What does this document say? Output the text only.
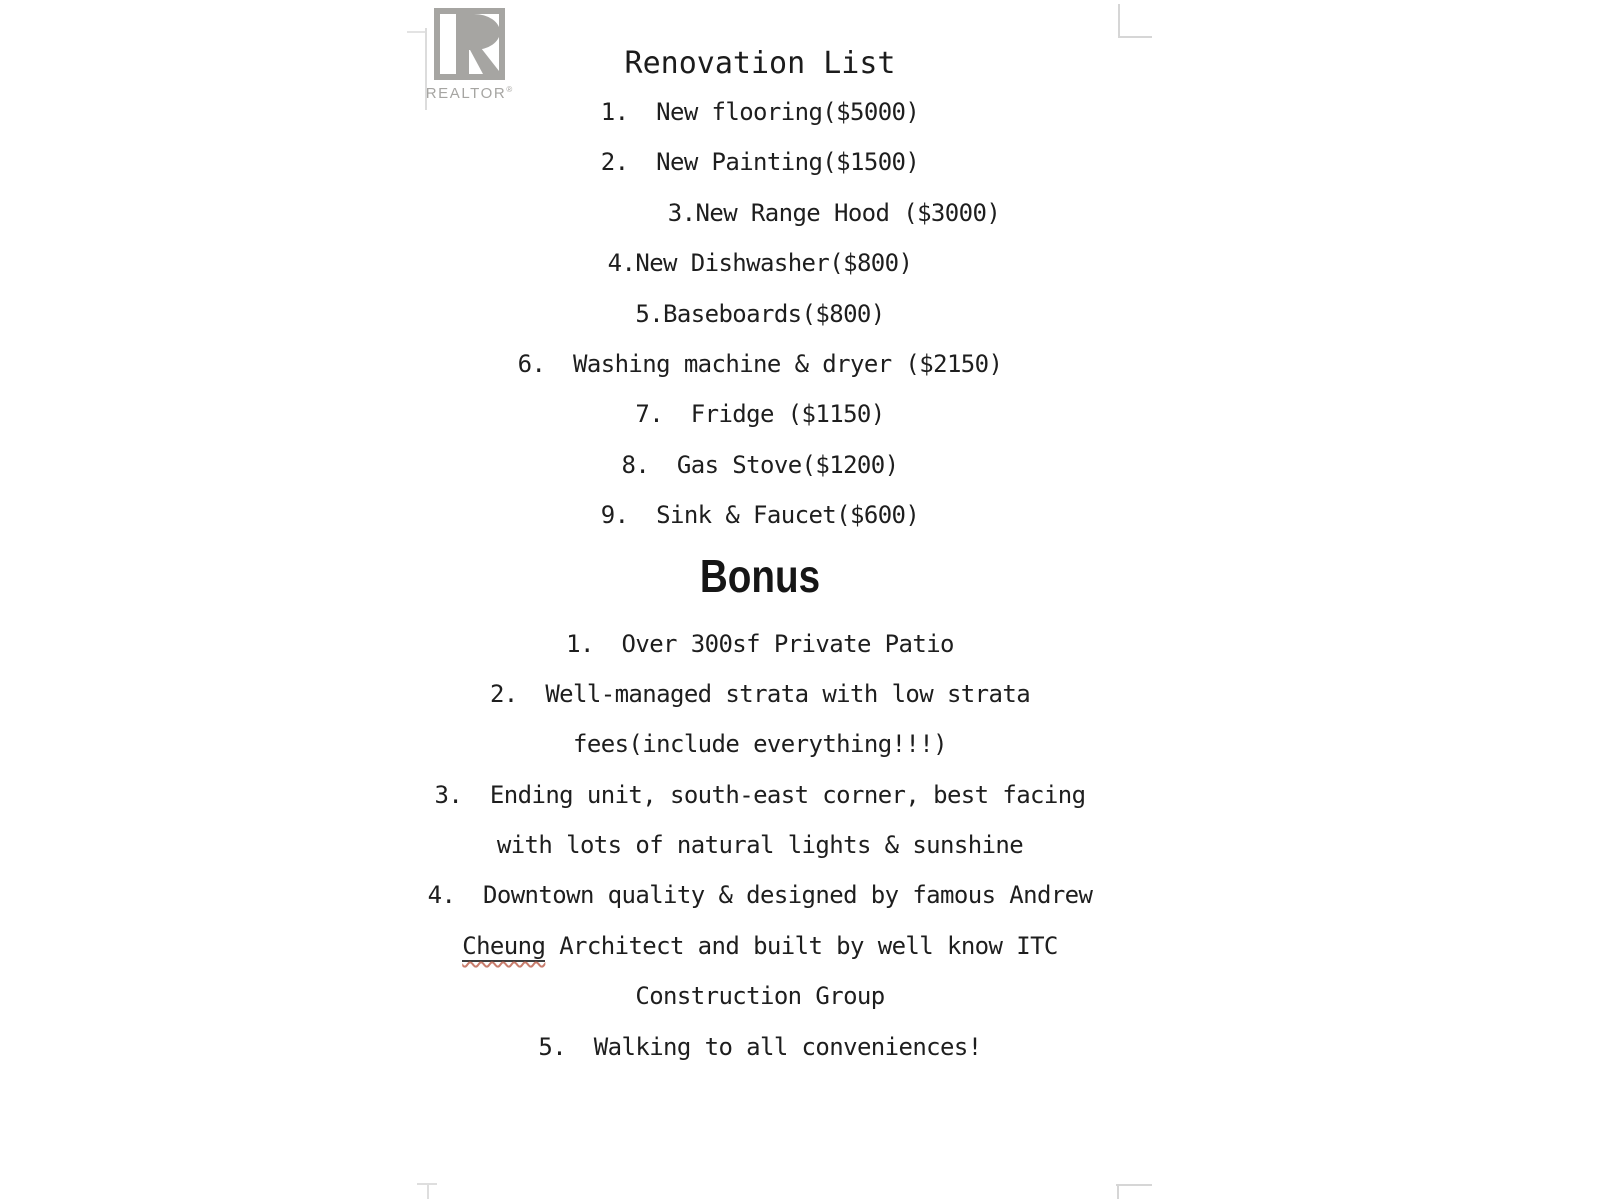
REALTOR®
Renovation List
1.  New flooring($5000)
2.  New Painting($1500)
3.New Range Hood ($3000)
4.New Dishwasher($800)
5.Baseboards($800)
6.  Washing machine & dryer ($2150)
7.  Fridge ($1150)
8.  Gas Stove($1200)
9.  Sink & Faucet($600)
Bonus
1.  Over 300sf Private Patio
2.  Well-managed strata with low strata
fees(include everything!!!)
3.  Ending unit, south-east corner, best facing
with lots of natural lights & sunshine
4.  Downtown quality & designed by famous Andrew
Cheung Architect and built by well know ITC
Construction Group
5.  Walking to all conveniences!
